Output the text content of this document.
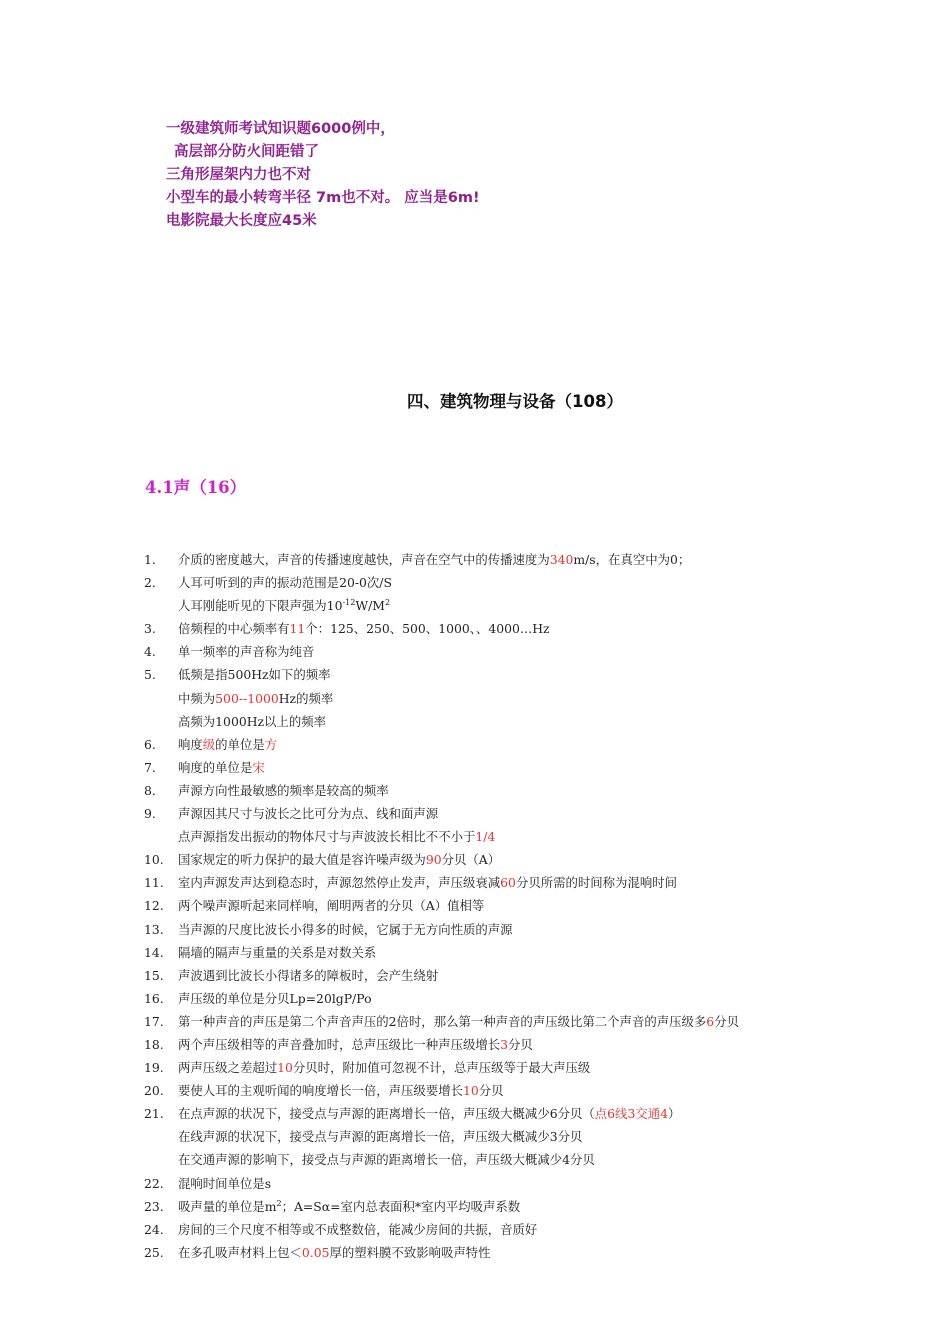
一级建筑师考试知识题6000例中，
高层部分防火间距错了
三角形屋架内力也不对
小型车的最小转弯半径 7m也不对。 应当是6m!
电影院最大长度应45米
四、建筑物理与设备（108）
4.1声（16）
1.	介质的密度越大，声音的传播速度越快，声音在空气中的传播速度为340m/s，在真空中为0；
2.	人耳可听到的声的振动范围是20-0次/S
人耳刚能听见的下限声强为$10^{-12}W/M^2$
3.	倍频程的中心频率有11个：125、250、500、1000、、4000…Hz
4.	单一频率的声音称为纯音
5.	低频是指500Hz如下的频率
中频为500--1000Hz的频率
高频为1000Hz以上的频率
6.	响度级的单位是方
7.	响度的单位是宋
8.	声源方向性最敏感的频率是较高的频率
9.	声源因其尺寸与波长之比可分为点、线和面声源
点声源指发出振动的物体尺寸与声波波长相比不不小于1/4
10.	国家规定的听力保护的最大值是容许噪声级为90分贝（A）
11.	室内声源发声达到稳态时，声源忽然停止发声，声压级衰减60分贝所需的时间称为混响时间
12.	两个噪声源听起来同样响，阐明两者的分贝（A）值相等
13.	当声源的尺度比波长小得多的时候，它属于无方向性质的声源
14.	隔墙的隔声与重量的关系是对数关系
15.	声波遇到比波长小得诸多的障板时，会产生绕射
16.	声压级的单位是分贝Lp=20lgP/Po
17.	第一种声音的声压是第二个声音声压的2倍时，那么第一种声音的声压级比第二个声音的声压级多6分贝
18.	两个声压级相等的声音叠加时，总声压级比一种声压级增长3分贝
19.	两声压级之差超过10分贝时，附加值可忽视不计，总声压级等于最大声压级
20.	要使人耳的主观听闻的响度增长一倍，声压级要增长10分贝
21.	在点声源的状况下，接受点与声源的距离增长一倍，声压级大概减少6分贝（点6线3交通4）
在线声源的状况下，接受点与声源的距离增长一倍，声压级大概减少3分贝
在交通声源的影响下，接受点与声源的距离增长一倍，声压级大概减少4分贝
22.	混响时间单位是s
23.	吸声量的单位是$m^2$；A=Sα=室内总表面积*室内平均吸声系数
24.	房间的三个尺度不相等或不成整数倍，能减少房间的共振，音质好
25.	在多孔吸声材料上包＜0.05厚的塑料膜不致影响吸声特性
